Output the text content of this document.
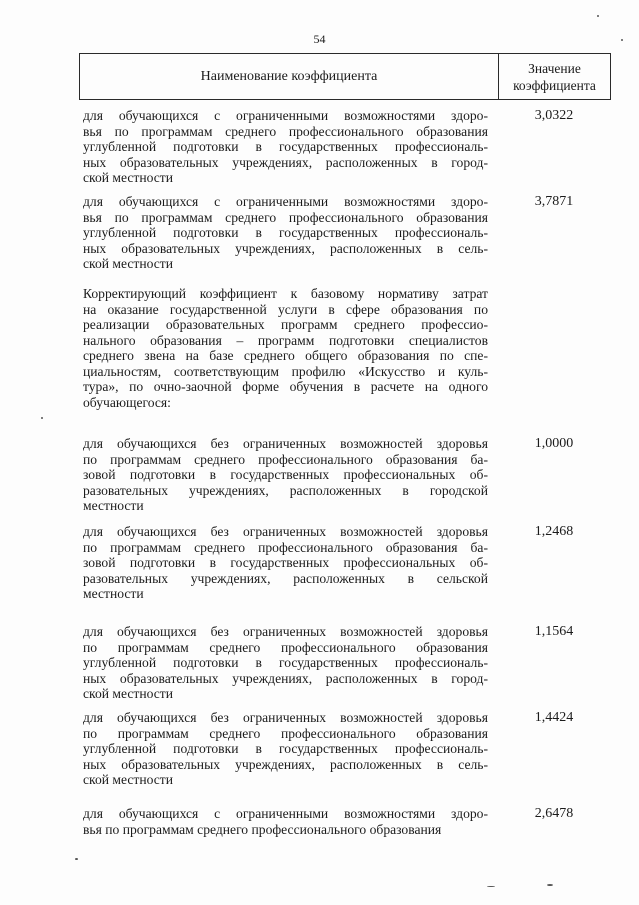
54
Наименование коэффициента
Значение
коэффициента
для обучающихся с ограниченными возможностями здоро-
вья по программам среднего профессионального образования
углубленной подготовки в государственных профессиональ-
ных образовательных учреждениях, расположенных в город-
ской местности
3,0322
для обучающихся с ограниченными возможностями здоро-
вья по программам среднего профессионального образования
углубленной подготовки в государственных профессиональ-
ных образовательных учреждениях, расположенных в сель-
ской местности
3,7871
Корректирующий коэффициент к базовому нормативу затрат
на оказание государственной услуги в сфере образования по
реализации образовательных программ среднего профессио-
нального образования – программ подготовки специалистов
среднего звена на базе среднего общего образования по спе-
циальностям, соответствующим профилю «Искусство и куль-
тура», по очно-заочной форме обучения в расчете на одного
обучающегося:
для обучающихся без ограниченных возможностей здоровья
по программам среднего профессионального образования ба-
зовой подготовки в государственных профессиональных об-
разовательных учреждениях, расположенных в городской
местности
1,0000
для обучающихся без ограниченных возможностей здоровья
по программам среднего профессионального образования ба-
зовой подготовки в государственных профессиональных об-
разовательных учреждениях, расположенных в сельской
местности
1,2468
для обучающихся без ограниченных возможностей здоровья
по программам среднего профессионального образования
углубленной подготовки в государственных профессиональ-
ных образовательных учреждениях, расположенных в город-
ской местности
1,1564
для обучающихся без ограниченных возможностей здоровья
по программам среднего профессионального образования
углубленной подготовки в государственных профессиональ-
ных образовательных учреждениях, расположенных в сель-
ской местности
1,4424
для обучающихся с ограниченными возможностями здоро-
вья по программам среднего профессионального образования
2,6478
